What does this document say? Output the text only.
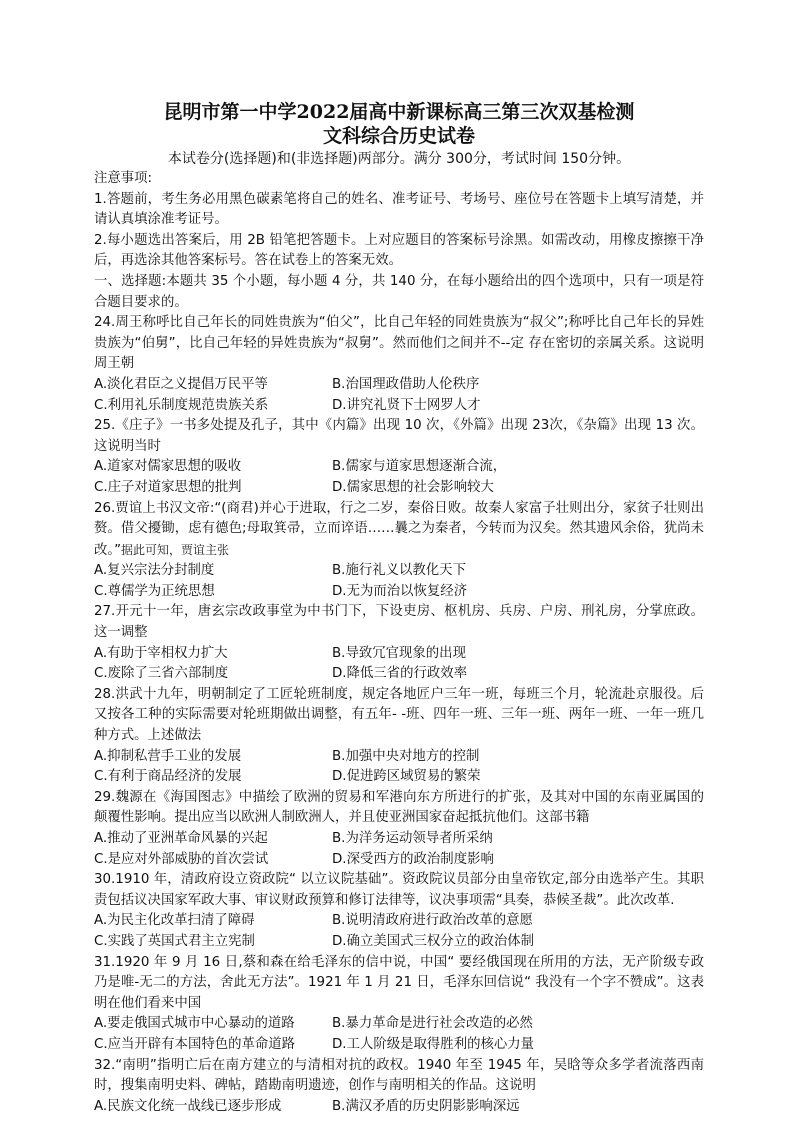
昆明市第一中学2022届高中新课标高三第三次双基检测
文科综合历史试卷
本试卷分(选择题)和(非选择题)两部分。满分 300分，考试时间 150分钟。
注意事项:
1.答题前，考生务必用黑色碳素笔将自己的姓名、准考证号、考场号、座位号在答题卡上填写清楚，并请认真填涂准考证号。
2.每小题选出答案后，用 2B 铅笔把答题卡。上对应题目的答案标号涂黑。如需改动，用橡皮擦擦干净后，再选涂其他答案标号。答在试卷上的答案无效。
一、选择题:本题共 35 个小题，每小题 4 分，共 140 分，在每小题给出的四个选项中，只有一项是符合题目要求的。
24.周王称呼比自己年长的同姓贵族为“伯父”，比自己年轻的同姓贵族为“叔父”;称呼比自己年长的异姓贵族为“伯舅”，比自己年轻的异姓贵族为“叔舅”。然而他们之间并不--定 存在密切的亲属关系。这说明周王朝
A.淡化君臣之义提倡万民平等	B.治国理政借助人伦秩序
C.利用礼乐制度规范贵族关系	D.讲究礼贤下士网罗人才
25.《庄子》一书多处提及孔子，其中《内篇》出现 10 次，《外篇》出现 23次，《杂篇》出现 13 次。这说明当时
A.道家对儒家思想的吸收	B.儒家与道家思想逐渐合流，
C.庄子对道家思想的批判	D.儒家思想的社会影响较大
26.贾谊上书汉文帝:“(商君)并心于进取，行之二岁，秦俗日败。故秦人家富子壮则出分，家贫子壮则出赘。借父擾锄，虑有德色;母取箕帚，立而谇语……曩之为秦者，今转而为汉矣。然其遗风余俗，犹尚未改。”据此可知，贾谊主张
A.复兴宗法分封制度	B.施行礼义以教化天下
C.尊儒学为正统思想	D.无为而治以恢复经济
27.开元十一年，唐玄宗改政事堂为中书门下，下设吏房、枢机房、兵房、户房、刑礼房，分掌庶政。这一调整
A.有助于宰相权力扩大	B.导致冗官现象的出现
C.废除了三省六部制度	D.降低三省的行政效率
28.洪武十九年，明朝制定了工匠轮班制度，规定各地匠户三年一班，每班三个月，轮流赴京服役。后又按各工种的实际需要对轮班期做出调整，有五年- -班、四年一班、三年一班、两年一班、一年一班几种方式。上述做法
A.抑制私营手工业的发展	B.加强中央对地方的控制
C.有利于商品经济的发展	D.促进跨区域贸易的繁荣
29.魏源在《海国图志》中描绘了欧洲的贸易和军港向东方所进行的扩张，及其对中国的东南亚属国的颠覆性影响。提出应当以欧洲人制欧洲人，并且使亚洲国家奋起抵抗他们。这部书籍
A.推动了亚洲革命风暴的兴起	B.为洋务运动领导者所采纳
C.是应对外部威胁的首次尝试	D.深受西方的政治制度影响
30.1910 年，清政府设立资政院“ 以立议院基础”。资政院议员部分由皇帝钦定,部分由选举产生。其职责包括议决国家军政大事、审议财政预算和修订法律等，议决事项需“具奏，恭候圣裁”。此次改革.
A.为民主化改革扫清了障碍	B.说明清政府进行政治改革的意愿
C.实践了英国式君主立宪制	D.确立美国式三权分立的政治体制
31.1920 年 9 月 16 日,蔡和森在给毛泽东的信中说，中国“ 要经俄国现在所用的方法，无产阶级专政乃是唯-无二的方法，舍此无方法”。1921 年 1 月 21 日，毛泽东回信说“ 我没有一个字不赞成”。这表明在他们看来中国
A.要走俄国式城市中心暴动的道路	B.暴力革命是进行社会改造的必然
C.应当开辟有本国特色的革命道路	D.工人阶级是取得胜利的核心力量
32.“南明”指明亡后在南方建立的与清相对抗的政权。1940 年至 1945 年，吴晗等众多学者流落西南时，搜集南明史料、碑帖，踏勘南明遗迹，创作与南明相关的作品。这说明
A.民族文化统一战线已逐步形成	B.满汉矛盾的历史阴影影响深远
